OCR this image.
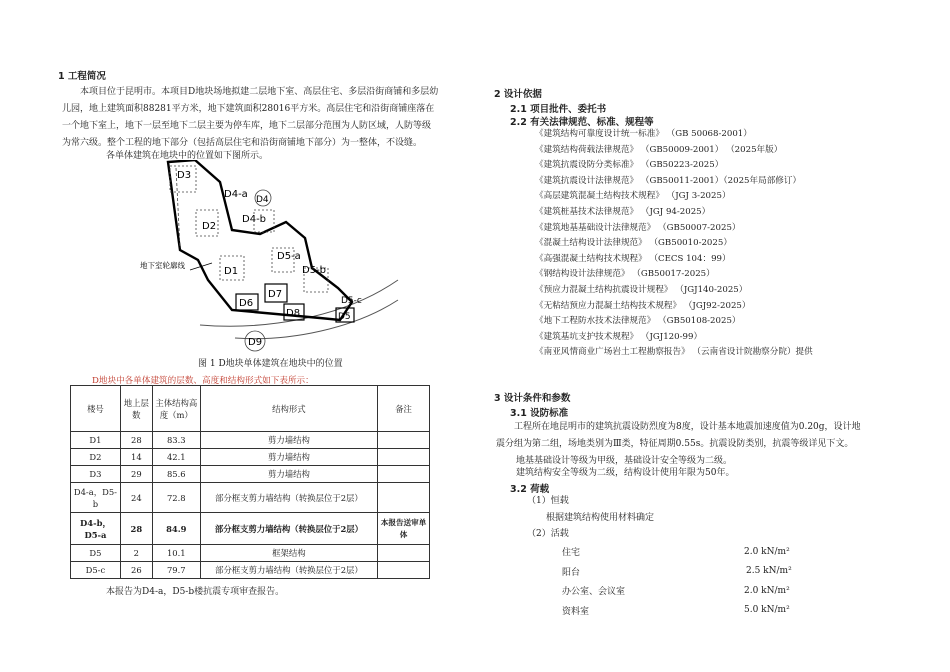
1 工程简况
本项目位于昆明市。本项目D地块场地拟建二层地下室、高层住宅、多层沿街商铺和多层幼
儿园，地上建筑面积88281平方米，地下建筑面积28016平方米。高层住宅和沿街商铺座落在
一个地下室上，地下一层至地下二层主要为停车库，地下二层部分范围为人防区域，人防等级
为常六级。整个工程的地下部分（包括高层住宅和沿街商铺地下部分）为一整体，不设缝。
各单体建筑在地块中的位置如下图所示。
D3
D4-a D4
D4-b
D2
D5-a
D5-b
D1
D7
D6
D8
D5-c
D5
D9
地下室轮廓线
图 1 D地块单体建筑在地块中的位置
D地块中各单体建筑的层数、高度和结构形式如下表所示：
楼号	地上层数	主体结构高度（m）	结构形式	备注
D1	28	83.3	剪力墙结构	
D2	14	42.1	剪力墙结构	
D3	29	85.6	剪力墙结构	
D4-a，D5-b	24	72.8	部分框支剪力墙结构（转换层位于2层）	
D4-b，D5-a	28	84.9	部分框支剪力墙结构（转换层位于2层）	本报告送审单体
D5	2	10.1	框架结构	
D5-c	26	79.7	部分框支剪力墙结构（转换层位于2层）	
本报告为D4-a，D5-b楼抗震专项审查报告。
2 设计依据
2.1 项目批件、委托书
2.2 有关法律规范、标准、规程等
《建筑结构可靠度设计统一标准》 （GB 50068-2001）
《建筑结构荷载法律规范》 （GB50009-2001） （2025年版）
《建筑抗震设防分类标准》 （GB50223-2025）
《建筑抗震设计法律规范》 （GB50011-2001）（2025年局部修订）
《高层建筑混凝土结构技术规程》 （JGJ 3-2025）
《建筑桩基技术法律规范》 （JGJ 94-2025）
《建筑地基基础设计法律规范》 （GB50007-2025）
《混凝土结构设计法律规范》 （GB50010-2025）
《高强混凝土结构技术规程》 （CECS 104：99）
《钢结构设计法律规范》 （GB50017-2025）
《预应力混凝土结构抗震设计规程》 （JGJ140-2025）
《无粘结预应力混凝土结构技术规程》 （JGJ92-2025）
《地下工程防水技术法律规范》 （GB50108-2025）
《建筑基坑支护技术规程》 （JGJ120-99）
《南亚风情商业广场岩土工程勘察报告》 （云南省设计院勘察分院）提供
3 设计条件和参数
3.1 设防标准
工程所在地昆明市的建筑抗震设防烈度为8度，设计基本地震加速度值为0.20g，设计地
震分组为第二组，场地类别为Ⅲ类，特征周期0.55s。抗震设防类别，抗震等级详见下文。
地基基础设计等级为甲级，基础设计安全等级为二级。
建筑结构安全等级为二级，结构设计使用年限为50年。
3.2 荷载
（1）恒载
根据建筑结构使用材料确定
（2）活载
住宅	2.0 kN/m²
阳台	2.5 kN/m²
办公室、会议室	2.0 kN/m²
资料室	5.0 kN/m²
